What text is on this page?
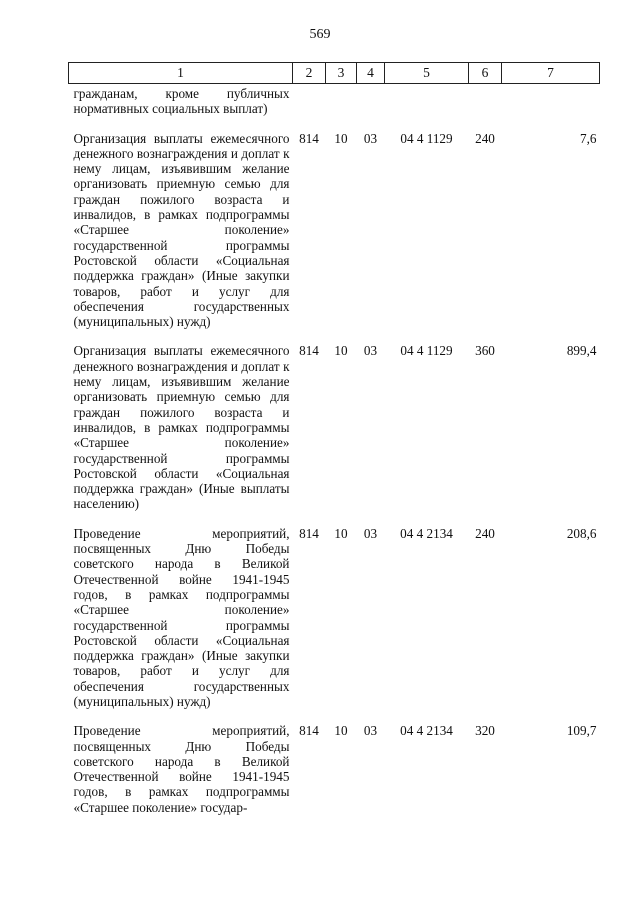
569
1	2	3	4	5	6	7
гражданам, кроме публичных нормативных социальных выплат)						
Организация выплаты ежемесячного денежного вознаграждения и доплат к нему лицам, изъявившим желание организовать приемную семью для граждан пожилого возраста и инвалидов, в рамках подпрограммы «Старшее поколение» государственной программы Ростовской области «Социальная поддержка граждан» (Иные закупки товаров, работ и услуг для обеспечения государственных (муниципальных) нужд)	814	10	03	04 4 1129	240	7,6
Организация выплаты ежемесячного денежного вознаграждения и доплат к нему лицам, изъявившим желание организовать приемную семью для граждан пожилого возраста и инвалидов, в рамках подпрограммы «Старшее поколение» государственной программы Ростовской области «Социальная поддержка граждан» (Иные выплаты населению)	814	10	03	04 4 1129	360	899,4
Проведение мероприятий, посвященных Дню Победы советского народа в Великой Отечественной войне 1941-1945 годов, в рамках подпрограммы «Старшее поколение» государственной программы Ростовской области «Социальная поддержка граждан» (Иные закупки товаров, работ и услуг для обеспечения государственных (муниципальных) нужд)	814	10	03	04 4 2134	240	208,6
Проведение мероприятий, посвященных Дню Победы советского народа в Великой Отечественной войне 1941-1945 годов, в рамках подпрограммы «Старшее поколение» государ-	814	10	03	04 4 2134	320	109,7
